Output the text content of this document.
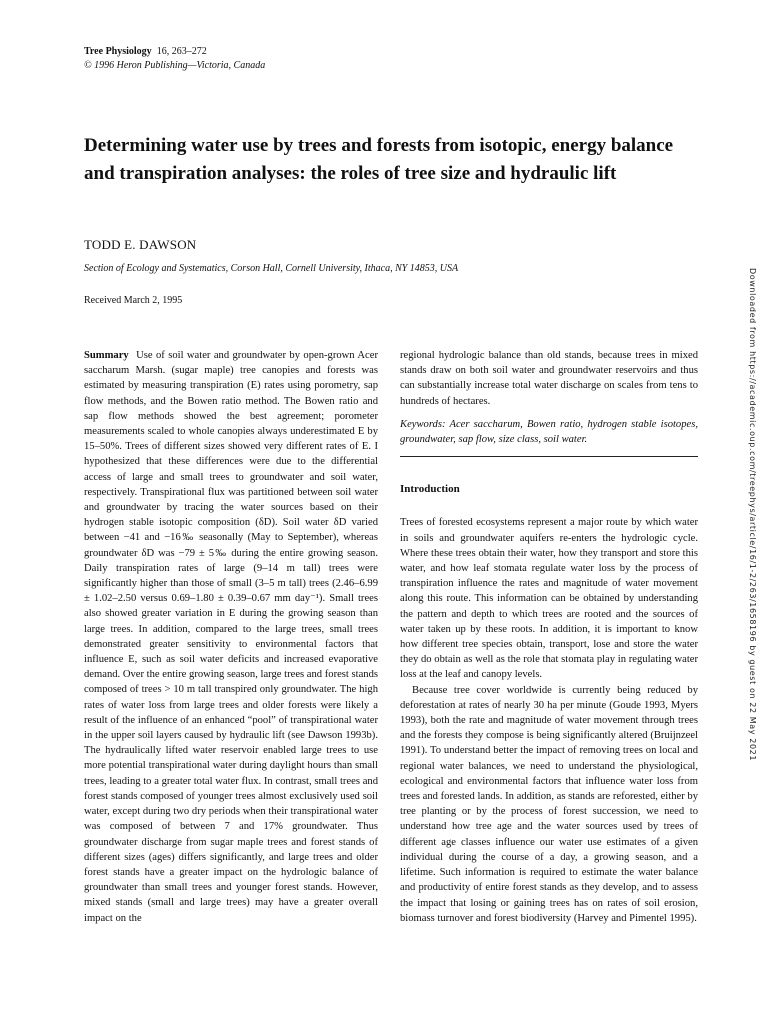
Tree Physiology 16, 263–272
© 1996 Heron Publishing—Victoria, Canada
Determining water use by trees and forests from isotopic, energy balance and transpiration analyses: the roles of tree size and hydraulic lift
TODD E. DAWSON
Section of Ecology and Systematics, Corson Hall, Cornell University, Ithaca, NY 14853, USA
Received March 2, 1995

Summary Use of soil water and groundwater by open-grown Acer saccharum Marsh. (sugar maple) tree canopies and forests was estimated by measuring transpiration (E) rates using porometry, sap flow methods, and the Bowen ratio method. The Bowen ratio and sap flow methods showed the best agreement; porometer measurements scaled to whole canopies always underestimated E by 15–50%. Trees of different sizes showed very different rates of E. I hypothesized that these differences were due to the differential access of large and small trees to groundwater and soil water, respectively. Transpirational flux was partitioned between soil water and groundwater by tracing the water sources based on their hydrogen stable isotopic composition (δD). Soil water δD varied between −41 and −16‰ seasonally (May to September), whereas groundwater δD was −79 ± 5‰ during the entire growing season. Daily transpiration rates of large (9–14 m tall) trees were significantly higher than those of small (3–5 m tall) trees (2.46–6.99 ± 1.02–2.50 versus 0.69–1.80 ± 0.39–0.67 mm day⁻¹). Small trees also showed greater variation in E during the growing season than large trees. In addition, compared to the large trees, small trees demonstrated greater sensitivity to environmental factors that influence E, such as soil water deficits and increased evaporative demand. Over the entire growing season, large trees and forest stands composed of trees > 10 m tall transpired only groundwater. The high rates of water loss from large trees and older forests were likely a result of the influence of an enhanced “pool” of transpirational water in the upper soil layers caused by hydraulic lift (see Dawson 1993b). The hydraulically lifted water reservoir enabled large trees to use more potential transpirational water during daylight hours than small trees, leading to a greater total water flux. In contrast, small trees and forest stands composed of younger trees almost exclusively used soil water, except during two dry periods when their transpirational water was composed of between 7 and 17% groundwater. Thus groundwater discharge from sugar maple trees and forest stands of different sizes (ages) differs significantly, and large trees and older forest stands have a greater impact on the hydrologic balance of groundwater than small trees and younger forest stands. However, mixed stands (small and large trees) may have a greater overall impact on the

regional hydrologic balance than old stands, because trees in mixed stands draw on both soil water and groundwater reservoirs and thus can substantially increase total water discharge on scales from tens to hundreds of hectares.

Keywords: Acer saccharum, Bowen ratio, hydrogen stable isotopes, groundwater, sap flow, size class, soil water.

Introduction

Trees of forested ecosystems represent a major route by which water in soils and groundwater aquifers re-enters the hydrologic cycle. Where these trees obtain their water, how they transport and store this water, and how leaf stomata regulate water loss by the process of transpiration influence the rates and magnitude of water movement along this route. This information can be obtained by understanding the pattern and depth to which trees are rooted and the sources of water taken up by these roots. In addition, it is important to know how different tree species obtain, transport, lose and store the water they do obtain as well as the role that stomata play in regulating water loss at the leaf and canopy levels.

Because tree cover worldwide is currently being reduced by deforestation at rates of nearly 30 ha per minute (Goude 1993, Myers 1993), both the rate and magnitude of water movement through trees and the forests they compose is being significantly altered (Bruijnzeel 1991). To understand better the impact of removing trees on local and regional water balances, we need to understand the physiological, ecological and environmental factors that influence water loss from trees and forested lands. In addition, as stands are reforested, either by tree planting or by the process of forest succession, we need to understand how tree age and the water sources used by trees of different age classes influence our water use estimates of a given individual during the course of a day, a growing season, and a lifetime. Such information is required to estimate the water balance and productivity of entire forest stands as they develop, and to assess the impact that losing or gaining trees has on rates of soil erosion, biomass turnover and forest biodiversity (Harvey and Pimentel 1995).

Downloaded from https://academic.oup.com/treephys/article/16/1-2/263/1658196 by guest on 22 May 2021
